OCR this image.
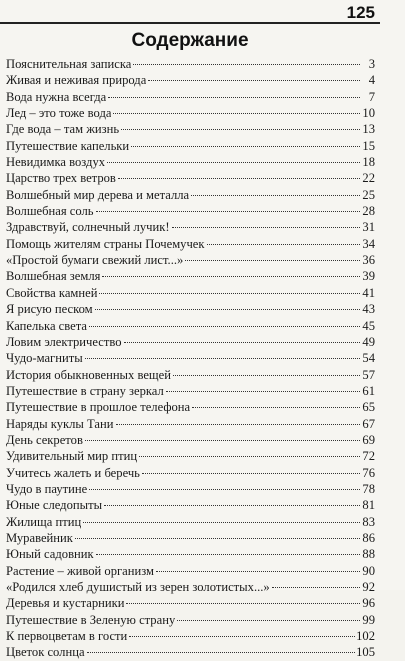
125
Содержание
Пояснительная записка	3
Живая и неживая природа	4
Вода нужна всегда	7
Лед – это тоже вода	10
Где вода – там жизнь	13
Путешествие капельки	15
Невидимка воздух	18
Царство трех ветров	22
Волшебный мир дерева и металла	25
Волшебная соль	28
Здравствуй, солнечный лучик!	31
Помощь жителям страны Почемучек	34
«Простой бумаги свежий лист...»	36
Волшебная земля	39
Свойства камней	41
Я рисую песком	43
Капелька света	45
Ловим электричество	49
Чудо-магниты	54
История обыкновенных вещей	57
Путешествие в страну зеркал	61
Путешествие в прошлое телефона	65
Наряды куклы Тани	67
День секретов	69
Удивительный мир птиц	72
Учитесь жалеть и беречь	76
Чудо в паутине	78
Юные следопыты	81
Жилища птиц	83
Муравейник	86
Юный садовник	88
Растение – живой организм	90
«Родился хлеб душистый из зерен золотистых...»	92
Деревья и кустарники	96
Путешествие в Зеленую страну	99
К первоцветам в гости	102
Цветок солнца	105
